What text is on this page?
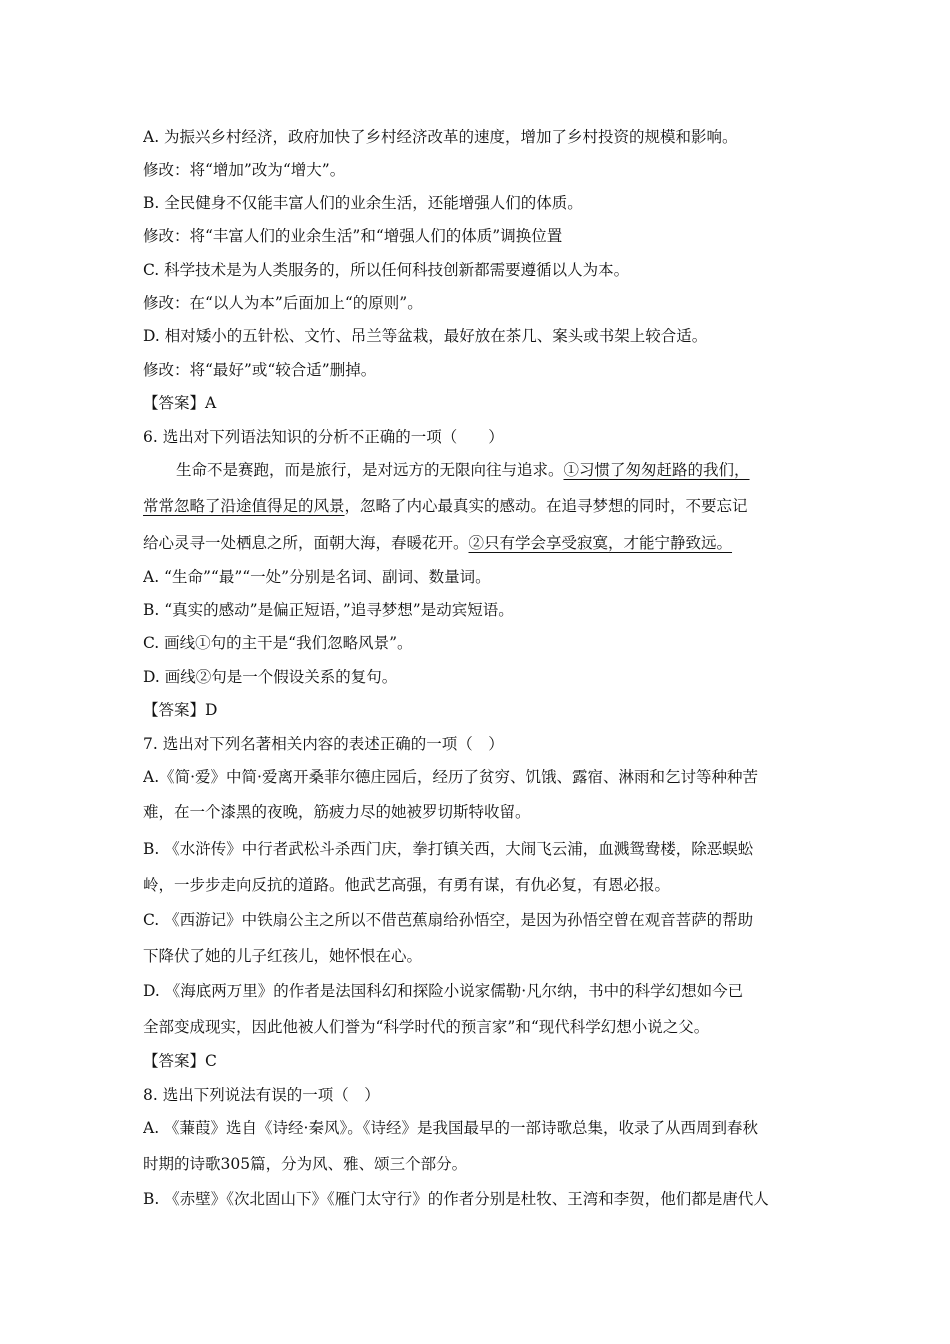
A. 为振兴乡村经济，政府加快了乡村经济改革的速度，增加了乡村投资的规模和影响。
修改：将“增加”改为“增大”。
B. 全民健身不仅能丰富人们的业余生活，还能增强人们的体质。
修改：将“丰富人们的业余生活”和“增强人们的体质”调换位置
C. 科学技术是为人类服务的，所以任何科技创新都需要遵循以人为本。
修改：在“以人为本”后面加上“的原则”。
D. 相对矮小的五针松、文竹、吊兰等盆栽，最好放在茶几、案头或书架上较合适。
修改：将“最好”或“较合适”删掉。
【答案】A
6. 选出对下列语法知识的分析不正确的一项（　　）
生命不是赛跑，而是旅行，是对远方的无限向往与追求。①习惯了匆匆赶路的我们，
常常忽略了沿途值得足的风景，忽略了内心最真实的感动。在追寻梦想的同时，不要忘记
给心灵寻一处栖息之所，面朝大海，春暖花开。②只有学会享受寂寞，才能宁静致远。
A. “生命”“最”“一处”分别是名词、副词、数量词。
B. “真实的感动”是偏正短语，”追寻梦想”是动宾短语。
C. 画线①句的主干是“我们忽略风景”。
D. 画线②句是一个假设关系的复句。
【答案】D
7. 选出对下列名著相关内容的表述正确的一项（　）
A.《简·爱》中简·爱离开桑菲尔德庄园后，经历了贫穷、饥饿、露宿、淋雨和乞讨等种种苦
难，在一个漆黑的夜晚，筋疲力尽的她被罗切斯特收留。
B. 《水浒传》中行者武松斗杀西门庆，拳打镇关西，大闹飞云浦，血溅鸳鸯楼，除恶蜈蚣
岭，一步步走向反抗的道路。他武艺高强，有勇有谋，有仇必复，有恩必报。
C. 《西游记》中铁扇公主之所以不借芭蕉扇给孙悟空，是因为孙悟空曾在观音菩萨的帮助
下降伏了她的儿子红孩儿，她怀恨在心。
D. 《海底两万里》的作者是法国科幻和探险小说家儒勒·凡尔纳，书中的科学幻想如今已
全部变成现实，因此他被人们誉为“科学时代的预言家”和“现代科学幻想小说之父。
【答案】C
8. 选出下列说法有误的一项（　）
A. 《蒹葭》选自《诗经·秦风》。《诗经》是我国最早的一部诗歌总集，收录了从西周到春秋
时期的诗歌305篇，分为风、雅、颂三个部分。
B. 《赤壁》《次北固山下》《雁门太守行》的作者分别是杜牧、王湾和李贺，他们都是唐代人
